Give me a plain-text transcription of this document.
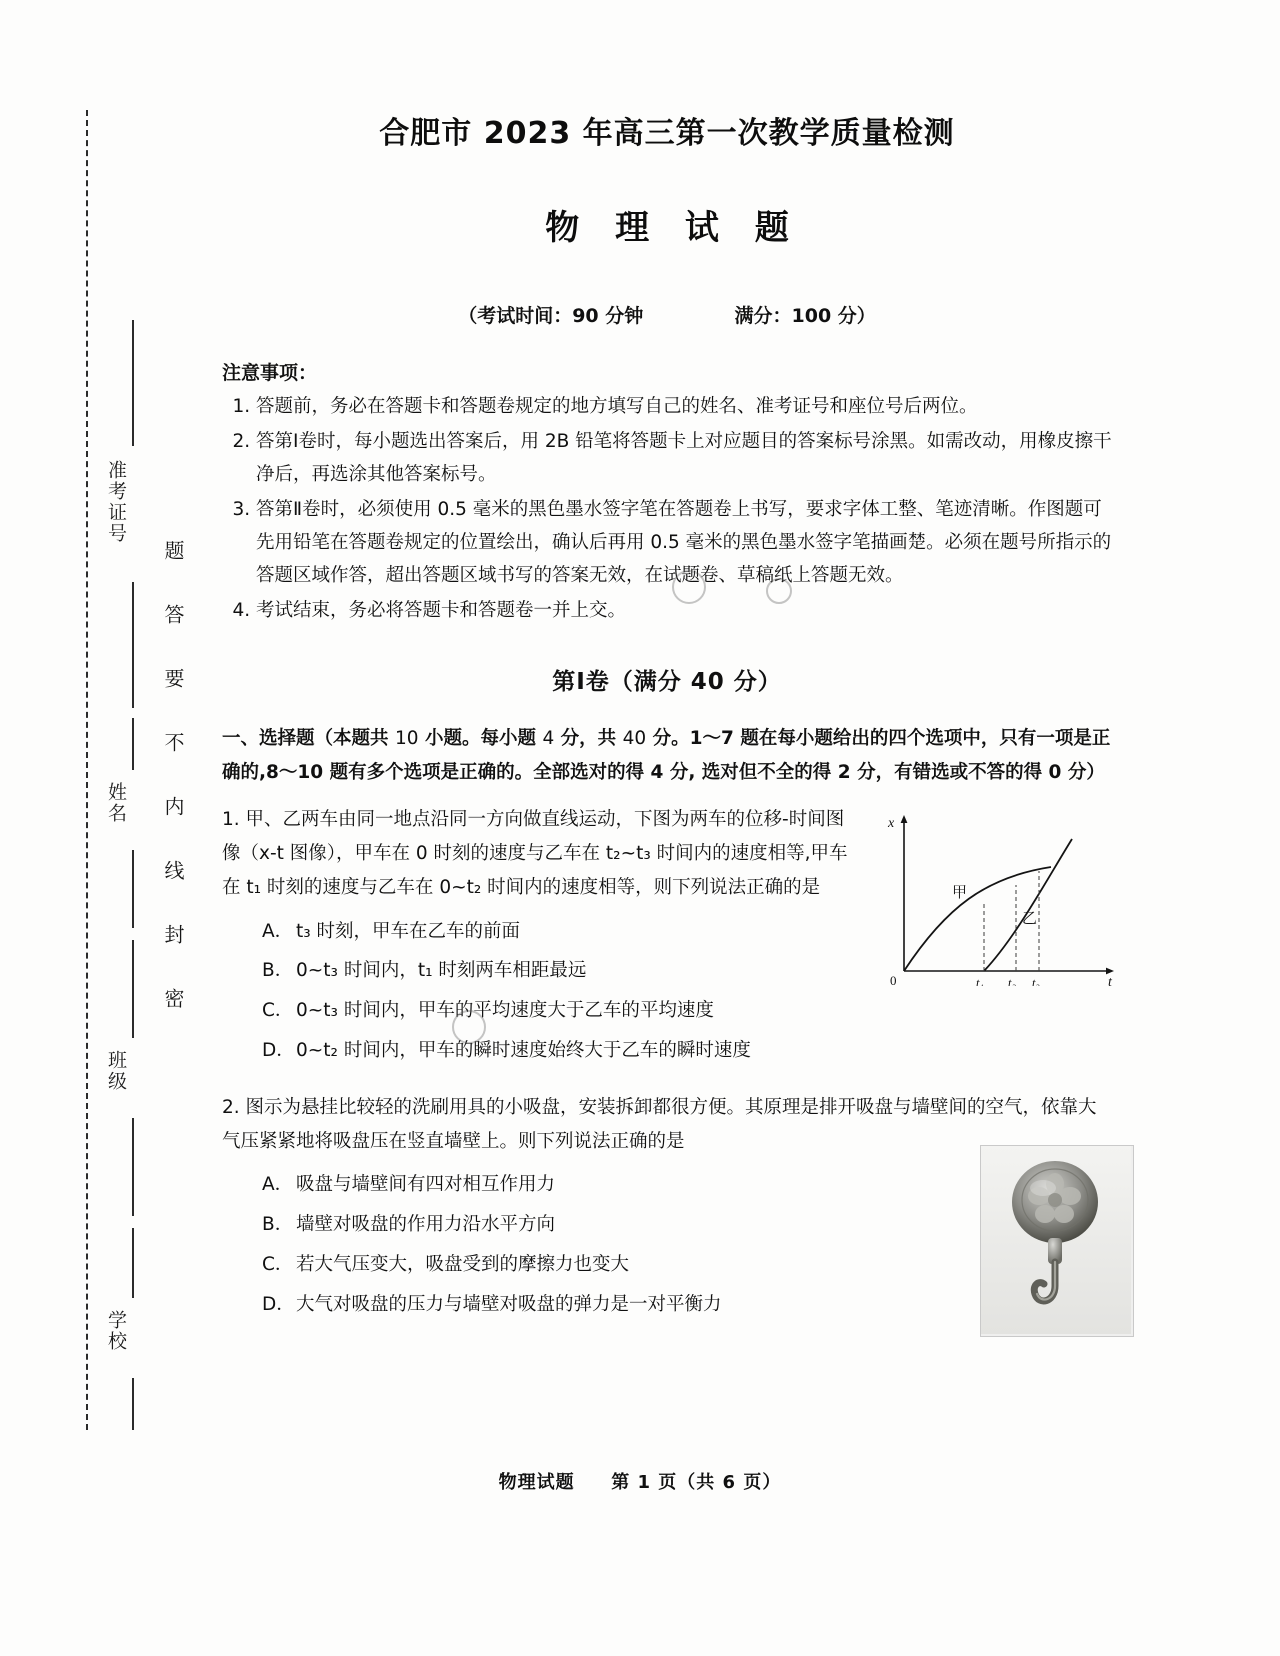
准考证号
姓名
班级
学校
题 答 要 不 内 线 封 密
合肥市 2023 年高三第一次教学质量检测
物 理 试 题
（考试时间：90 分钟	满分：100 分）
注意事项：
1. 答题前，务必在答题卡和答题卷规定的地方填写自己的姓名、准考证号和座位号后两位。
2. 答第Ⅰ卷时，每小题选出答案后，用 2B 铅笔将答题卡上对应题目的答案标号涂黑。如需改动，用橡皮擦干净后，再选涂其他答案标号。
3. 答第Ⅱ卷时，必须使用 0.5 毫米的黑色墨水签字笔在答题卷上书写，要求字体工整、笔迹清晰。作图题可先用铅笔在答题卷规定的位置绘出，确认后再用 0.5 毫米的黑色墨水签字笔描画楚。必须在题号所指示的答题区域作答，超出答题区域书写的答案无效，在试题卷、草稿纸上答题无效。
4. 考试结束，务必将答题卡和答题卷一并上交。
第Ⅰ卷（满分 40 分）
一、选择题（本题共 10 小题。每小题 4 分，共 40 分。1～7 题在每小题给出的四个选项中，只有一项是正确的,8～10 题有多个选项是正确的。全部选对的得 4 分, 选对但不全的得 2 分，有错选或不答的得 0 分）
1. 甲、乙两车由同一地点沿同一方向做直线运动，下图为两车的位移-时间图像（x-t 图像），甲车在 0 时刻的速度与乙车在 t₂~t₃ 时间内的速度相等,甲车在 t₁ 时刻的速度与乙车在 0~t₂ 时间内的速度相等，则下列说法正确的是
x
t
0
甲
乙
t₁ t₂ t₃
A． t₃ 时刻，甲车在乙车的前面
B． 0~t₃ 时间内，t₁ 时刻两车相距最远
C． 0~t₃ 时间内，甲车的平均速度大于乙车的平均速度
D．0~t₂ 时间内，甲车的瞬时速度始终大于乙车的瞬时速度
2. 图示为悬挂比较轻的洗刷用具的小吸盘，安装拆卸都很方便。其原理是排开吸盘与墙壁间的空气，依靠大气压紧紧地将吸盘压在竖直墙壁上。则下列说法正确的是
A． 吸盘与墙壁间有四对相互作用力
B． 墙壁对吸盘的作用力沿水平方向
C． 若大气压变大，吸盘受到的摩擦力也变大
D．大气对吸盘的压力与墙壁对吸盘的弹力是一对平衡力
物理试题 第 1 页（共 6 页）
